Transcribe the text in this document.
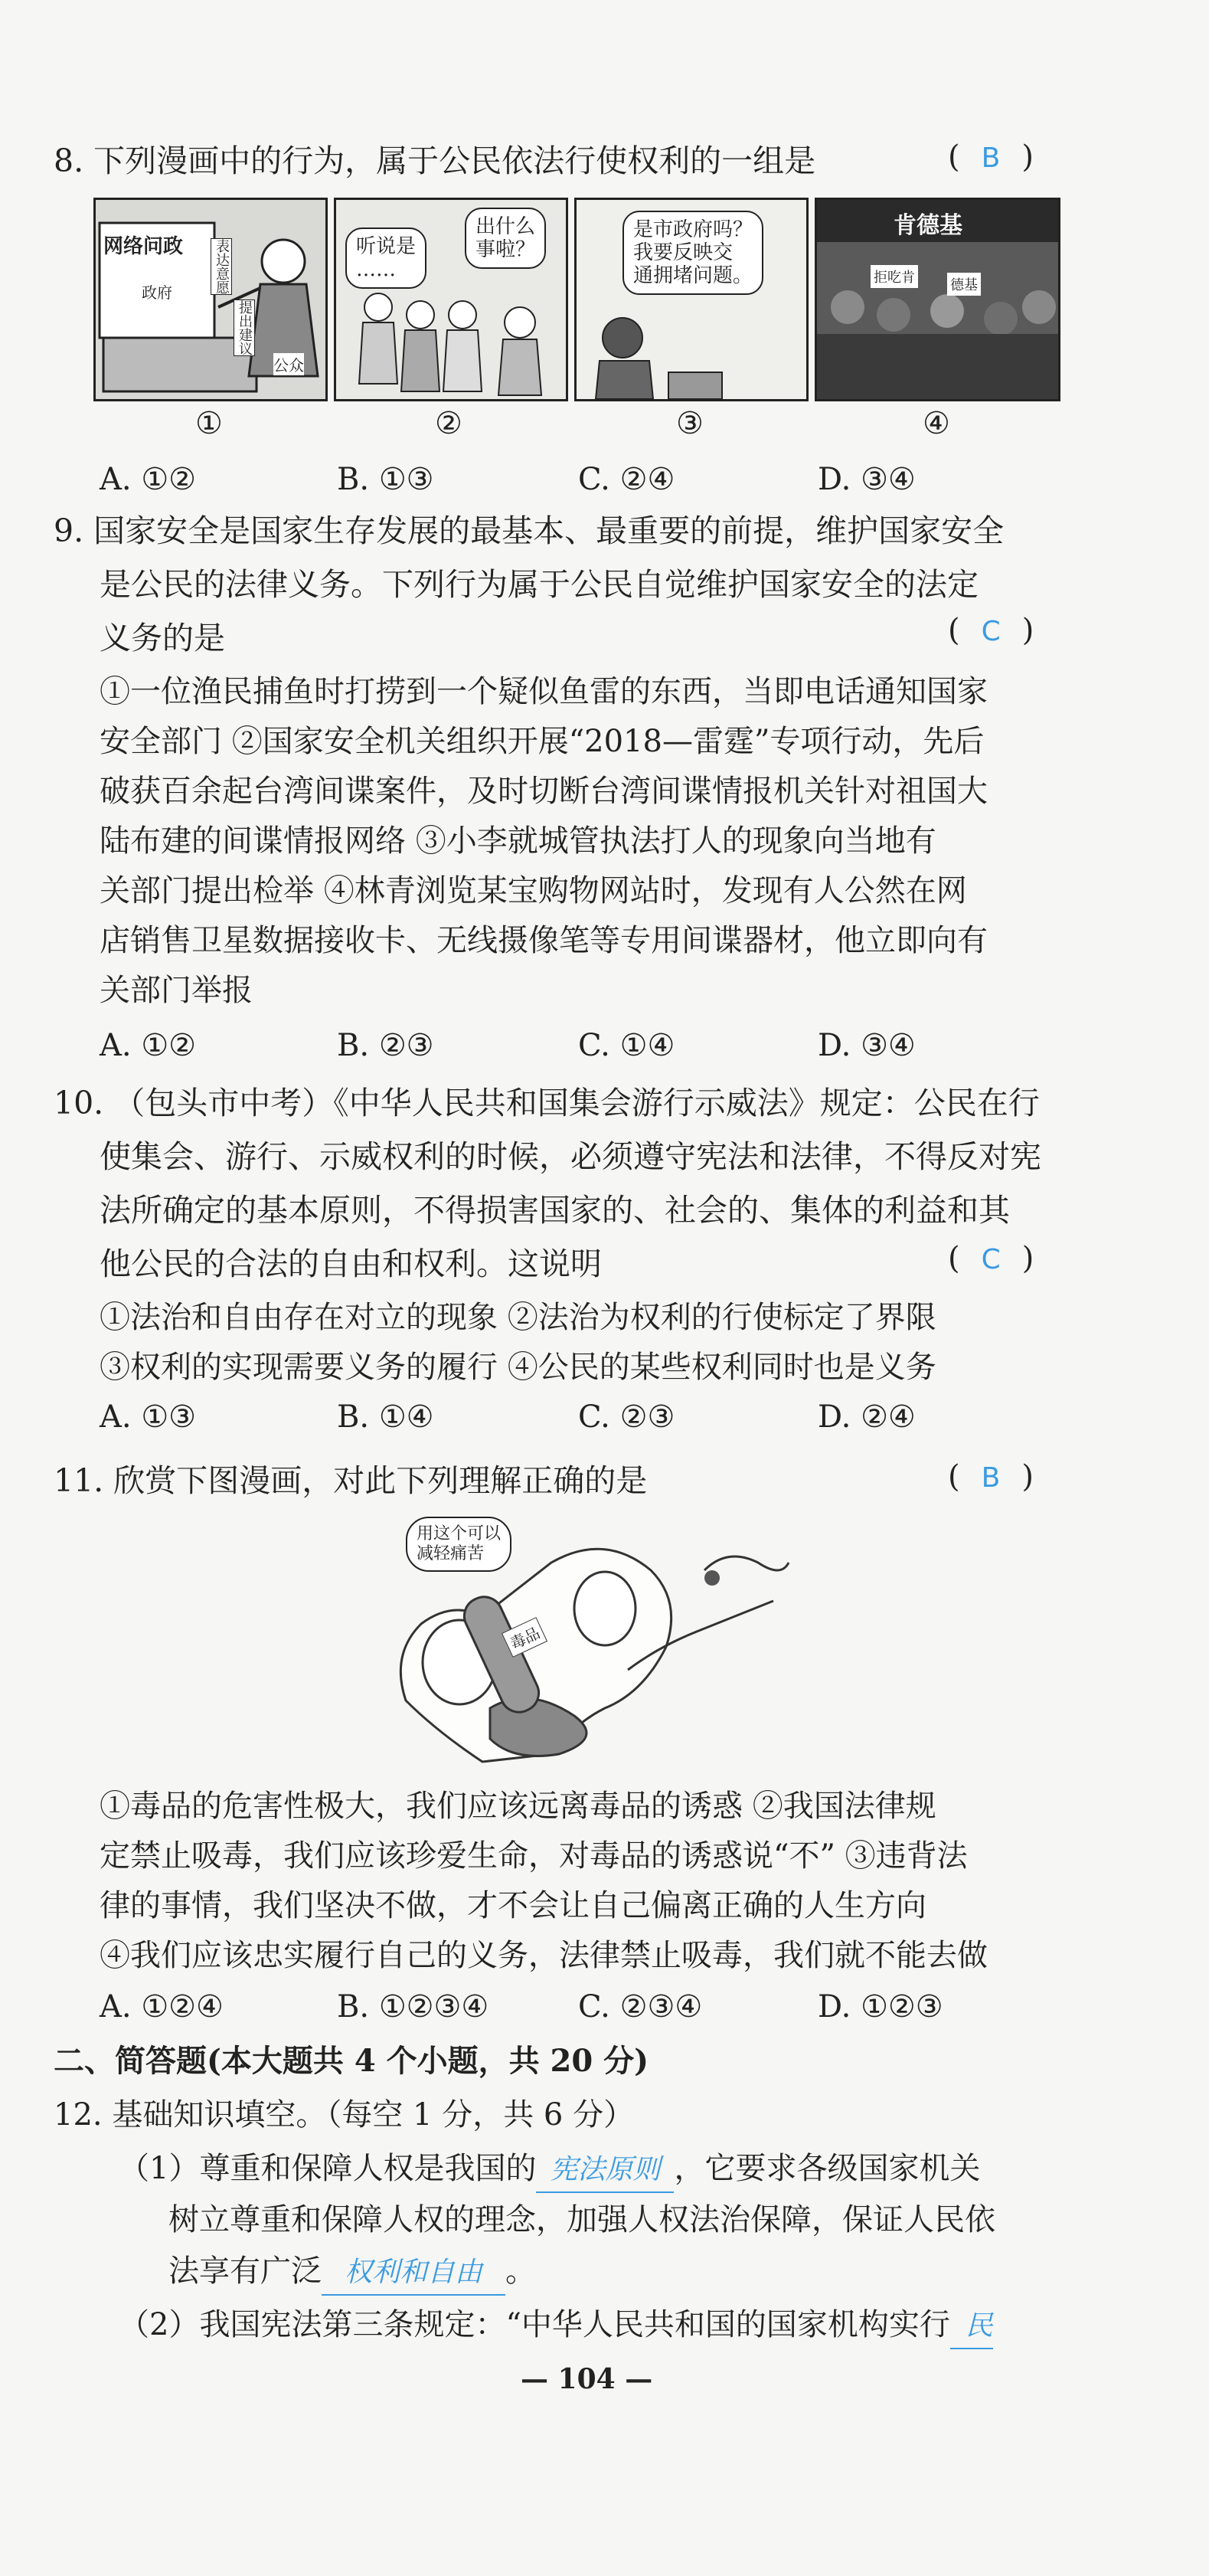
8. 下列漫画中的行为，属于公民依法行使权利的一组是	( B )
网络问政 表达意愿
提出建议
政府
公众
听说是
……
出什么
事啦？
是市政府吗？
我要反映交
通拥堵问题。
肯德基
拒吃肯	德基
①	②	③	④
A. ①②	B. ①③	C. ②④	D. ③④
9. 国家安全是国家生存发展的最基本、最重要的前提，维护国家安全
是公民的法律义务。下列行为属于公民自觉维护国家安全的法定
义务的是	( C )
①一位渔民捕鱼时打捞到一个疑似鱼雷的东西，当即电话通知国家
安全部门 ②国家安全机关组织开展“2018—雷霆”专项行动，先后
破获百余起台湾间谍案件，及时切断台湾间谍情报机关针对祖国大
陆布建的间谍情报网络 ③小李就城管执法打人的现象向当地有
关部门提出检举 ④林青浏览某宝购物网站时，发现有人公然在网
店销售卫星数据接收卡、无线摄像笔等专用间谍器材，他立即向有
关部门举报
A. ①②	B. ②③	C. ①④	D. ③④
10. （包头市中考）《中华人民共和国集会游行示威法》规定：公民在行
使集会、游行、示威权利的时候，必须遵守宪法和法律，不得反对宪
法所确定的基本原则，不得损害国家的、社会的、集体的利益和其
他公民的合法的自由和权利。这说明	( C )
①法治和自由存在对立的现象 ②法治为权利的行使标定了界限
③权利的实现需要义务的履行 ④公民的某些权利同时也是义务
A. ①③	B. ①④	C. ②③	D. ②④
11. 欣赏下图漫画，对此下列理解正确的是	( B )
用这个可以
减轻痛苦
毒品
①毒品的危害性极大，我们应该远离毒品的诱惑 ②我国法律规
定禁止吸毒，我们应该珍爱生命，对毒品的诱惑说“不” ③违背法
律的事情，我们坚决不做，才不会让自己偏离正确的人生方向
④我们应该忠实履行自己的义务，法律禁止吸毒，我们就不能去做
A. ①②④	B. ①②③④	C. ②③④	D. ①②③
二、简答题(本大题共 4 个小题，共 20 分)
12. 基础知识填空。（每空 1 分，共 6 分）
（1）尊重和保障人权是我国的 宪法原则 ，它要求各级国家机关
树立尊重和保障人权的理念，加强人权法治保障，保证人民依
法享有广泛 权利和自由 。
（2）我国宪法第三条规定：“中华人民共和国的国家机构实行 民
— 104 —
